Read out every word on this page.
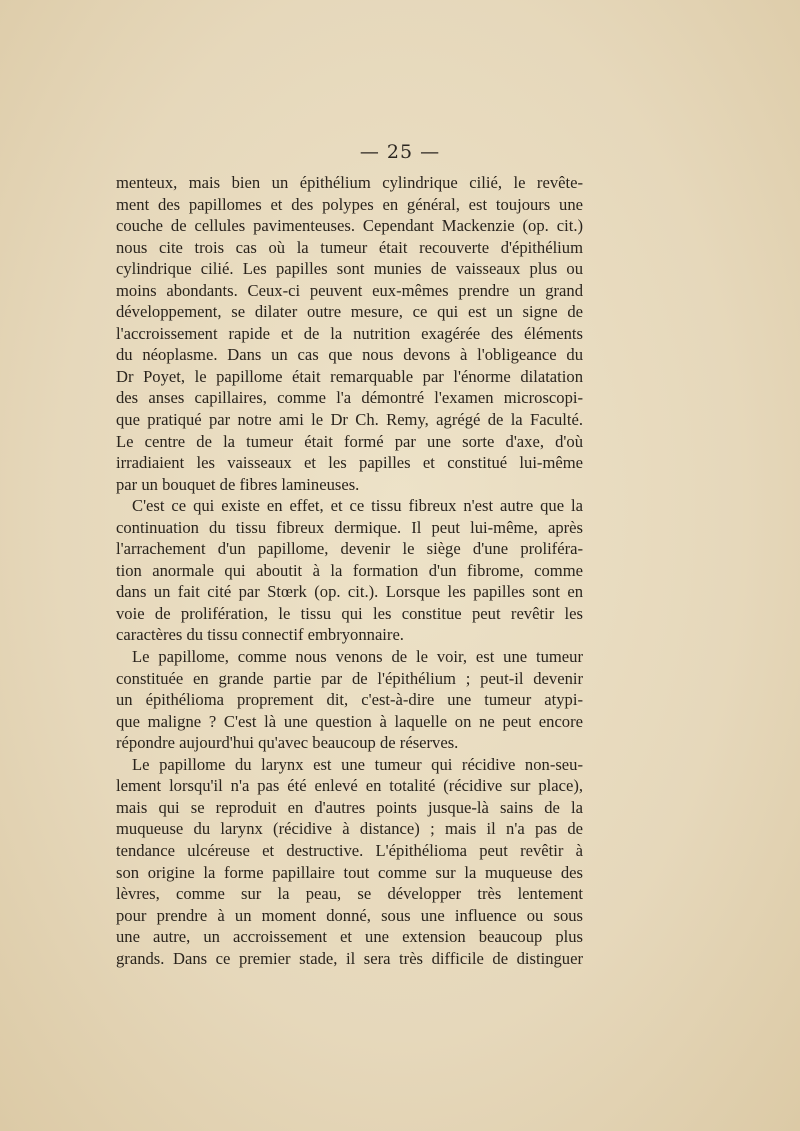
— 25 —
menteux, mais bien un épithélium cylindrique cilié, le revête-
ment des papillomes et des polypes en général, est toujours une
couche de cellules pavimenteuses. Cependant Mackenzie (op. cit.)
nous cite trois cas où la tumeur était recouverte d'épithélium
cylindrique cilié. Les papilles sont munies de vaisseaux plus ou
moins abondants. Ceux-ci peuvent eux-mêmes prendre un grand
développement, se dilater outre mesure, ce qui est un signe de
l'accroissement rapide et de la nutrition exagérée des éléments
du néoplasme. Dans un cas que nous devons à l'obligeance du
Dr Poyet, le papillome était remarquable par l'énorme dilatation
des anses capillaires, comme l'a démontré l'examen microscopi-
que pratiqué par notre ami le Dr Ch. Remy, agrégé de la Faculté.
Le centre de la tumeur était formé par une sorte d'axe, d'où
irradiaient les vaisseaux et les papilles et constitué lui-même
par un bouquet de fibres lamineuses.
C'est ce qui existe en effet, et ce tissu fibreux n'est autre que la
continuation du tissu fibreux dermique. Il peut lui-même, après
l'arrachement d'un papillome, devenir le siège d'une proliféra-
tion anormale qui aboutit à la formation d'un fibrome, comme
dans un fait cité par Stœrk (op. cit.). Lorsque les papilles sont en
voie de prolifération, le tissu qui les constitue peut revêtir les
caractères du tissu connectif embryonnaire.
Le papillome, comme nous venons de le voir, est une tumeur
constituée en grande partie par de l'épithélium ; peut-il devenir
un épithélioma proprement dit, c'est-à-dire une tumeur atypi-
que maligne ? C'est là une question à laquelle on ne peut encore
répondre aujourd'hui qu'avec beaucoup de réserves.
Le papillome du larynx est une tumeur qui récidive non-seu-
lement lorsqu'il n'a pas été enlevé en totalité (récidive sur place),
mais qui se reproduit en d'autres points jusque-là sains de la
muqueuse du larynx (récidive à distance) ; mais il n'a pas de
tendance ulcéreuse et destructive. L'épithélioma peut revêtir à
son origine la forme papillaire tout comme sur la muqueuse des
lèvres, comme sur la peau, se développer très lentement
pour prendre à un moment donné, sous une influence ou sous
une autre, un accroissement et une extension beaucoup plus
grands. Dans ce premier stade, il sera très difficile de distinguer
